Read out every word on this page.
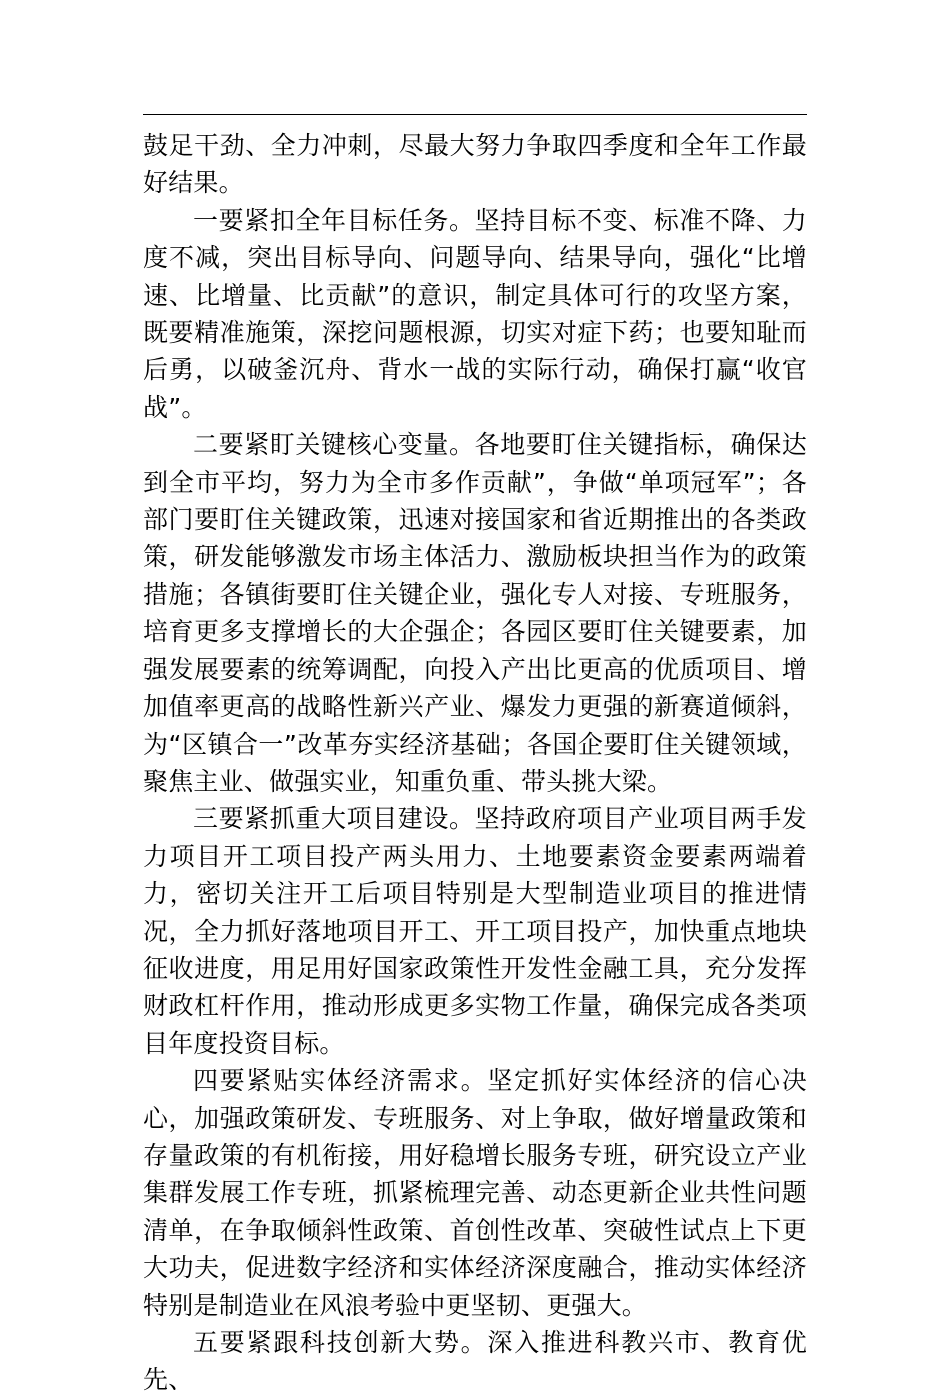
鼓足干劲、全力冲刺，尽最大努力争取四季度和全年工作最好结果。

一要紧扣全年目标任务。坚持目标不变、标准不降、力度不减，突出目标导向、问题导向、结果导向，强化“比增速、比增量、比贡献”的意识，制定具体可行的攻坚方案，既要精准施策，深挖问题根源，切实对症下药；也要知耻而后勇，以破釜沉舟、背水一战的实际行动，确保打赢“收官战”。

二要紧盯关键核心变量。各地要盯住关键指标，确保达到全市平均，努力为全市多作贡献”，争做“单项冠军”；各部门要盯住关键政策，迅速对接国家和省近期推出的各类政策，研发能够激发市场主体活力、激励板块担当作为的政策措施；各镇街要盯住关键企业，强化专人对接、专班服务，培育更多支撑增长的大企强企；各园区要盯住关键要素，加强发展要素的统筹调配，向投入产出比更高的优质项目、增加值率更高的战略性新兴产业、爆发力更强的新赛道倾斜，为“区镇合一”改革夯实经济基础；各国企要盯住关键领域，聚焦主业、做强实业，知重负重、带头挑大梁。

三要紧抓重大项目建设。坚持政府项目产业项目两手发力项目开工项目投产两头用力、土地要素资金要素两端着力，密切关注开工后项目特别是大型制造业项目的推进情况，全力抓好落地项目开工、开工项目投产，加快重点地块征收进度，用足用好国家政策性开发性金融工具，充分发挥财政杠杆作用，推动形成更多实物工作量，确保完成各类项目年度投资目标。

四要紧贴实体经济需求。坚定抓好实体经济的信心决心，加强政策研发、专班服务、对上争取，做好增量政策和存量政策的有机衔接，用好稳增长服务专班，研究设立产业集群发展工作专班，抓紧梳理完善、动态更新企业共性问题清单，在争取倾斜性政策、首创性改革、突破性试点上下更大功夫，促进数字经济和实体经济深度融合，推动实体经济特别是制造业在风浪考验中更坚韧、更强大。

五要紧跟科技创新大势。深入推进科教兴市、教育优先、
